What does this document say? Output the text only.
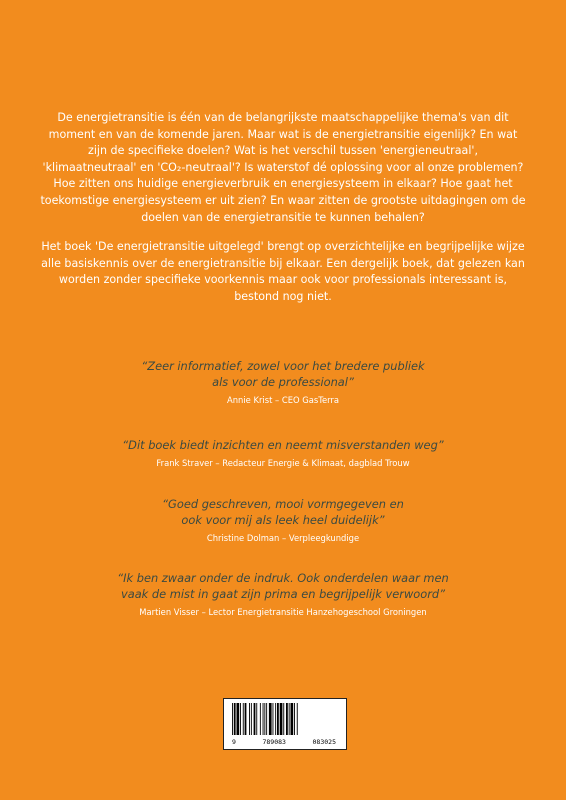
De energietransitie is één van de belangrijkste maatschappelijke thema's van dit moment en van de komende jaren. Maar wat is de energietransitie eigenlijk? En wat zijn de specifieke doelen? Wat is het verschil tussen 'energieneutraal', 'klimaatneutraal' en 'CO₂-neutraal'? Is waterstof dé oplossing voor al onze problemen? Hoe zitten ons huidige energieverbruik en energiesysteem in elkaar? Hoe gaat het toekomstige energiesysteem er uit zien? En waar zitten de grootste uitdagingen om de doelen van de energietransitie te kunnen behalen?

Het boek 'De energietransitie uitgelegd' brengt op overzichtelijke en begrijpelijke wijze alle basiskennis over de energietransitie bij elkaar. Een dergelijk boek, dat gelezen kan worden zonder specifieke voorkennis maar ook voor professionals interessant is, bestond nog niet.

“Zeer informatief, zowel voor het bredere publiek
als voor de professional”

Annie Krist – CEO GasTerra

“Dit boek biedt inzichten en neemt misverstanden weg”

Frank Straver – Redacteur Energie & Klimaat, dagblad Trouw

“Goed geschreven, mooi vormgegeven en
ook voor mij als leek heel duidelijk”

Christine Dolman – Verpleegkundige

“Ik ben zwaar onder de indruk. Ook onderdelen waar men
vaak de mist in gaat zijn prima en begrijpelijk verwoord”

Martien Visser – Lector Energietransitie Hanzehogeschool Groningen
9	789083	083025
